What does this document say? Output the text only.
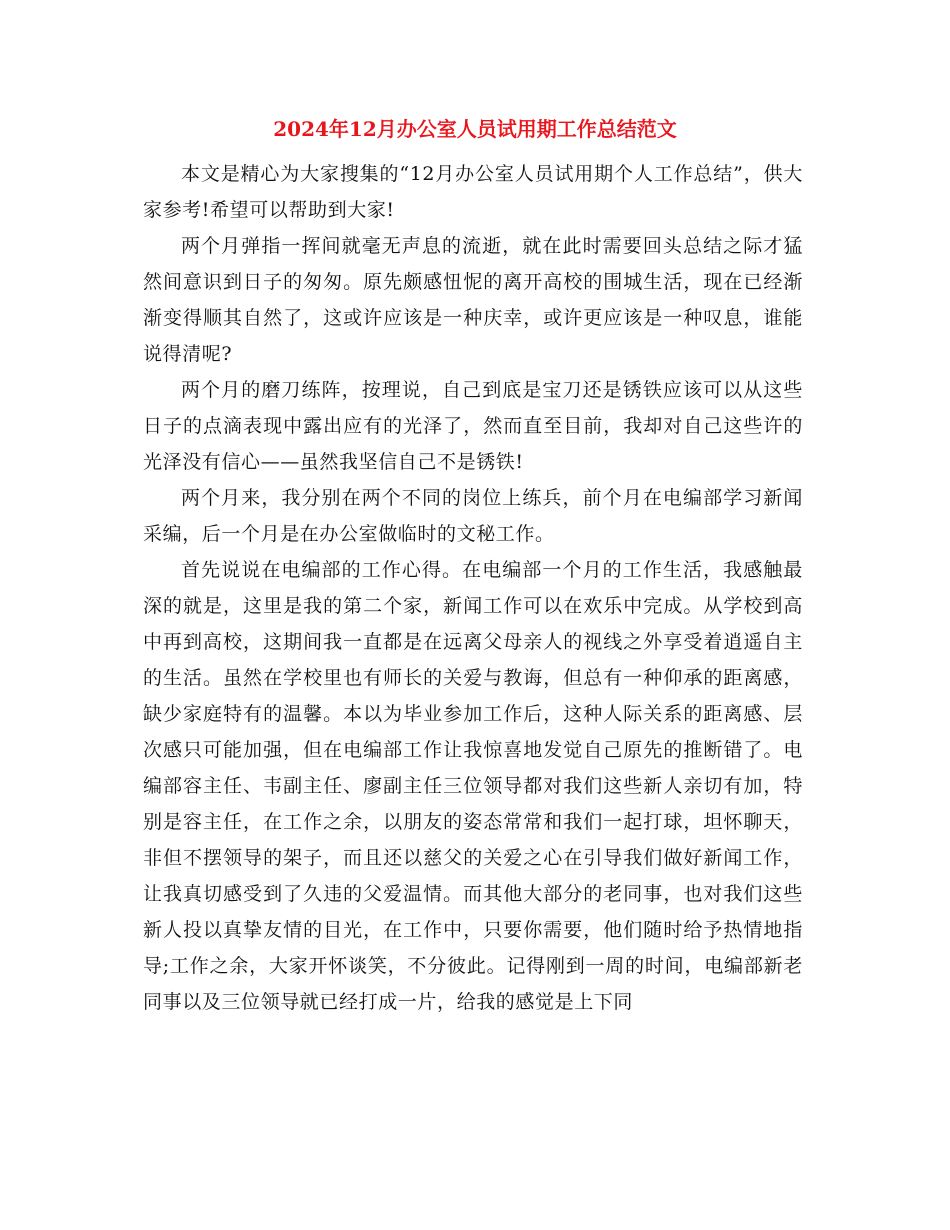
2024年12月办公室人员试用期工作总结范文

本文是精心为大家搜集的“12月办公室人员试用期个人工作总结”，供大家参考!希望可以帮助到大家!

两个月弹指一挥间就毫无声息的流逝，就在此时需要回头总结之际才猛然间意识到日子的匆匆。原先颇感忸怩的离开高校的围城生活，现在已经渐渐变得顺其自然了，这或许应该是一种庆幸，或许更应该是一种叹息，谁能说得清呢?

两个月的磨刀练阵，按理说，自己到底是宝刀还是锈铁应该可以从这些日子的点滴表现中露出应有的光泽了，然而直至目前，我却对自己这些许的光泽没有信心——虽然我坚信自己不是锈铁!

两个月来，我分别在两个不同的岗位上练兵，前个月在电编部学习新闻采编，后一个月是在办公室做临时的文秘工作。

首先说说在电编部的工作心得。在电编部一个月的工作生活，我感触最深的就是，这里是我的第二个家，新闻工作可以在欢乐中完成。从学校到高中再到高校，这期间我一直都是在远离父母亲人的视线之外享受着逍遥自主的生活。虽然在学校里也有师长的关爱与教诲，但总有一种仰承的距离感，缺少家庭特有的温馨。本以为毕业参加工作后，这种人际关系的距离感、层次感只可能加强，但在电编部工作让我惊喜地发觉自己原先的推断错了。电编部容主任、韦副主任、廖副主任三位领导都对我们这些新人亲切有加，特别是容主任，在工作之余，以朋友的姿态常常和我们一起打球，坦怀聊天，非但不摆领导的架子，而且还以慈父的关爱之心在引导我们做好新闻工作，让我真切感受到了久违的父爱温情。而其他大部分的老同事，也对我们这些新人投以真挚友情的目光，在工作中，只要你需要，他们随时给予热情地指导;工作之余，大家开怀谈笑，不分彼此。记得刚到一周的时间，电编部新老同事以及三位领导就已经打成一片，给我的感觉是上下同
